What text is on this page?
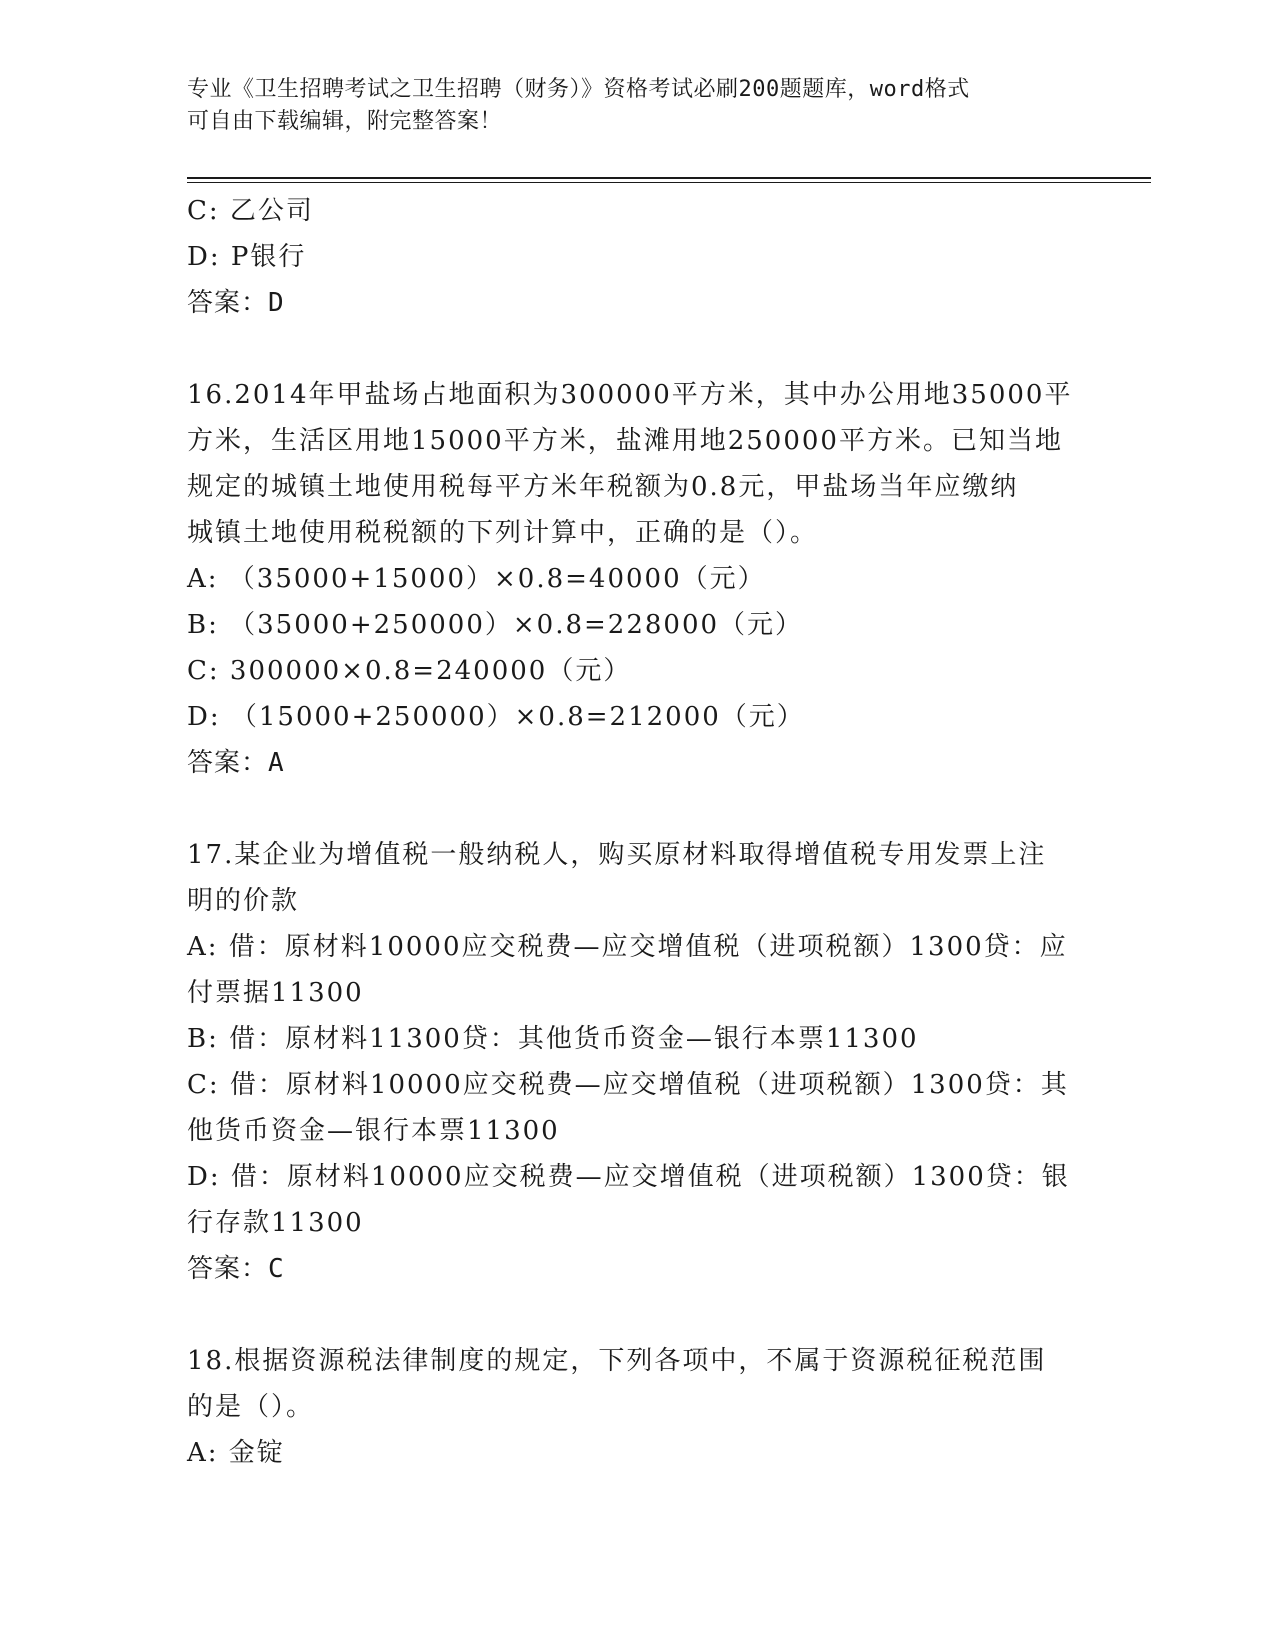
专业《卫生招聘考试之卫生招聘（财务）》资格考试必刷200题题库，word格式
可自由下载编辑，附完整答案！
C: 乙公司
D: P银行
答案：D
16.2014年甲盐场占地面积为300000平方米，其中办公用地35000平
方米，生活区用地15000平方米，盐滩用地250000平方米。已知当地
规定的城镇土地使用税每平方米年税额为0.8元，甲盐场当年应缴纳
城镇土地使用税税额的下列计算中，正确的是（）。
A: （35000+15000）×0.8=40000（元）
B: （35000+250000）×0.8=228000（元）
C: 300000×0.8=240000（元）
D: （15000+250000）×0.8=212000（元）
答案：A
17.某企业为增值税一般纳税人，购买原材料取得增值税专用发票上注
明的价款
A: 借：原材料10000应交税费—应交增值税（进项税额）1300贷：应
付票据11300
B: 借：原材料11300贷：其他货币资金—银行本票11300
C: 借：原材料10000应交税费—应交增值税（进项税额）1300贷：其
他货币资金—银行本票11300
D: 借：原材料10000应交税费—应交增值税（进项税额）1300贷：银
行存款11300
答案：C
18.根据资源税法律制度的规定，下列各项中，不属于资源税征税范围
的是（）。
A: 金锭
